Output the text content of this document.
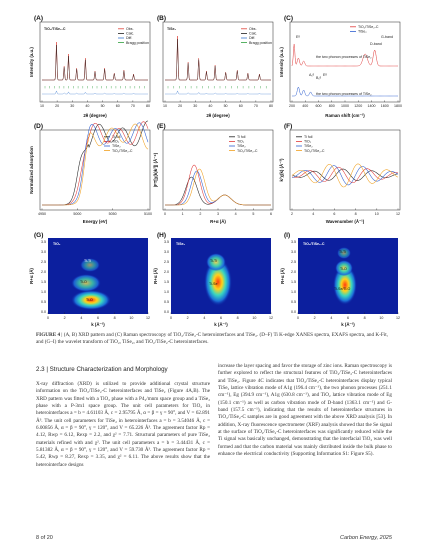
(A)
TiO₂/TiSe₂-C	Obs.
Calc.
Diff.
Bragg position
10	20	30	40	50	60	70	80
2θ (degree)
Intensity (a.u.)
(B)
TiSe₂	Obs.
Calc.
Diff.
Bragg position
10	20	30	40	50	60	70	80
2θ (degree)
(C)
TiO₂/TiSe₂-C
TiSe₂
the two phonon processes of TiSe₂
the two phonon processes of TiSe₂
D-band
G-band
Eᵍ
A₁ᵍ
B₁ᵍ
Eᵍ
200 400 600 800 1000 1200 1400 1600 1800
Raman shift (cm⁻¹)
Intensity (a.u.)
(D)
Ti foil
TiO₂
TiSe₂
TiO₂/TiSe₂-C
4950	5000	5050	5100
Energy (eV)
Normalized adsorption
(E)
Ti foil
TiO₂
TiSe₂
TiO₂/TiSe₂-C
0	1	2	3	4	5	6
R+α (Å)
|FT[χ(k)k³]| (Å⁻⁴)
(F)
Ti foil
TiO₂
TiSe₂
TiO₂/TiSe₂-C
2	4	6	8	10	12
Wavenumber (Å⁻¹)
k³χ(k) (Å⁻³)
(G)
TiO₂
Ti-Ti
Ti-O
Ti-O
0	2	4	6	8	10	12
k (Å⁻¹)
R+α (Å)
(H)
TiSe₂
Ti-Ti
Ti-Se
0	2	4	6	8	10	12
k (Å⁻¹)
R+α (Å)
(I)
TiO₂/TiSe₂-C
Ti-Ti
Ti-O
Ti-Se/Ti-O
0	2	4	6	8	10	12
k (Å⁻¹)
R+α (Å)
0.0
0.5
1.0
1.5
2.0
2.5
3.0
3.5
0.0
0.5
1.0
1.5
2.0
2.5
3.0
3.5
0.0
0.5
1.0
1.5
2.0
2.5
3.0
3.5
FIGURE 4 | (A, B) XRD pattern and (C) Raman spectroscopy of TiO₂/TiSe₂-C heterointerfaces and TiSe₂. (D–F) Ti K-edge XANES spectra, EXAFS spectra, and K-Fit, and (G–I) the wavelet transform of TiO₂, TiSe₂, and TiO₂/TiSe₂-C heterointerfaces.
2.3 | Structure Characterization and Morphology
X-ray diffraction (XRD) is utilized to provide additional crystal structure information on the TiO₂/TiSe₂-C heterointerfaces and TiSe₂ (Figure 4A,B). The XRD pattern was fitted with a TiO₂ phase with a P4₂/mnm space group and a TiSe₂ phase with a P-3m1 space group. The unit cell parameters for TiO₂ in heterointerfaces a = b = 4.61103 Å, c = 2.95795 Å, α = β = γ = 90°, and V = 62.891 Å³. The unit cell parameters for TiSe₂ in heterointerfaces a = b = 3.54046 Å, c = 6.00856 Å, α = β = 90°, γ = 120°, and V = 65.226 Å³. The agreement factor Rp = 4.12, Rwp = 6.12, Rexp = 2.2, and χ² = 7.71. Structural parameters of pure TiSe₂ materials refined with and χ². The unit cell parameters a = b = 3.44431 Å, c = 5.81382 Å, α = β = 90°, γ = 120°, and V = 59.730 Å³. The agreement factor Rp = 5.42, Rwp = 8.27, Rexp = 3.35, and χ² = 6.11. The above results show that the heterointerface designs
increase the layer spacing and favor the storage of zinc ions. Raman spectroscopy is further explored to reflect the structural features of TiO₂/TiSe₂-C heterointerfaces and TiSe₂. Figure 4C indicates that TiO₂/TiSe₂-C heterointerfaces display typical TiSe₂ lattice vibration mode of A1g (196.4 cm⁻¹), the two phonon processes (251.1 cm⁻¹), Eg (394.9 cm⁻¹), A1g (630.8 cm⁻¹), and TiO₂ lattice vibration mode of Eg (150.1 cm⁻¹) as well as carbon vibration mode of D-band (1363.1 cm⁻¹) and G-band (157.5 cm⁻¹), indicating that the results of heterointerface structures in TiO₂/TiSe₂-C samples are in good agreement with the above XRD analysis [53]. In addition, X-ray fluorescence spectrometer (XRF) analysis showed that the Se signal at the surface of TiO₂/TiSe₂-C heterointerfaces was significantly reduced while the Ti signal was basically unchanged, demonstrating that the interfacial TiO₂ was well formed and that the carbon material was mainly distributed inside the bulk phase to enhance the electrical conductivity (Supporting Information S1: Figure S5).
8 of 20	Carbon Energy, 2025
